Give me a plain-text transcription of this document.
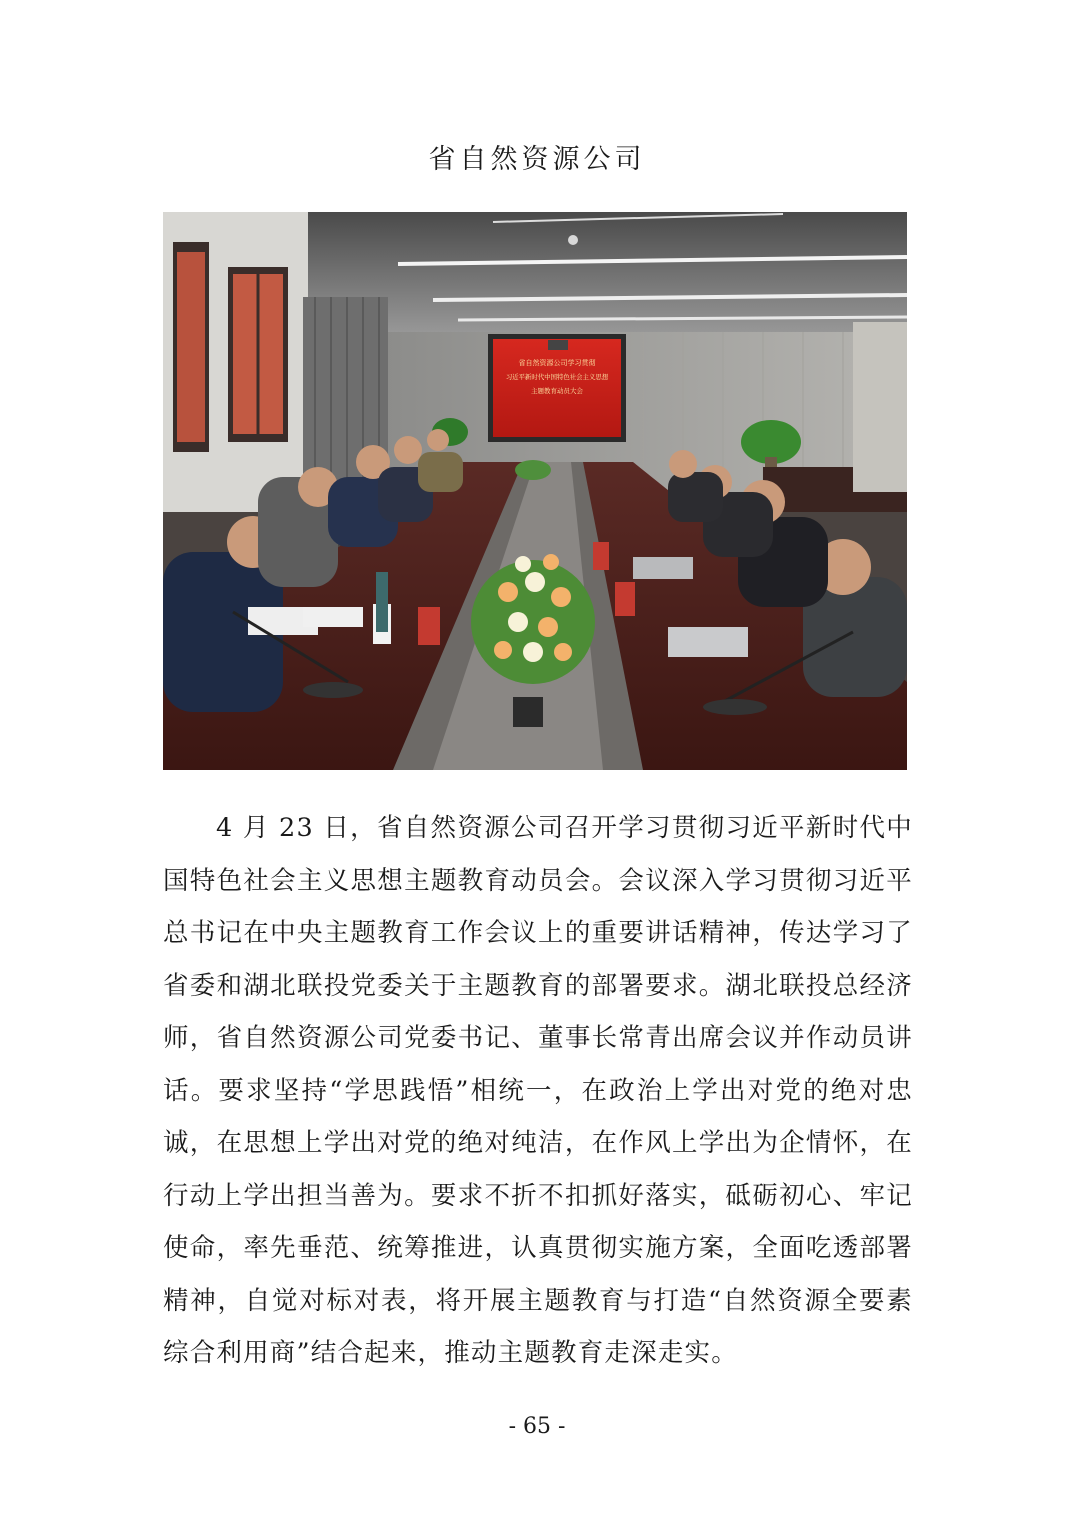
省自然资源公司
省自然资源公司学习贯彻
习近平新时代中国特色社会主义思想
主题教育动员大会

4 月 23 日，省自然资源公司召开学习贯彻习近平新时代中国特色社会主义思想主题教育动员会。会议深入学习贯彻习近平总书记在中央主题教育工作会议上的重要讲话精神，传达学习了省委和湖北联投党委关于主题教育的部署要求。湖北联投总经济师，省自然资源公司党委书记、董事长常青出席会议并作动员讲话。要求坚持“学思践悟”相统一，在政治上学出对党的绝对忠诚，在思想上学出对党的绝对纯洁，在作风上学出为企情怀，在行动上学出担当善为。要求不折不扣抓好落实，砥砺初心、牢记使命，率先垂范、统筹推进，认真贯彻实施方案，全面吃透部署精神，自觉对标对表，将开展主题教育与打造“自然资源全要素综合利用商”结合起来，推动主题教育走深走实。

- 65 -
